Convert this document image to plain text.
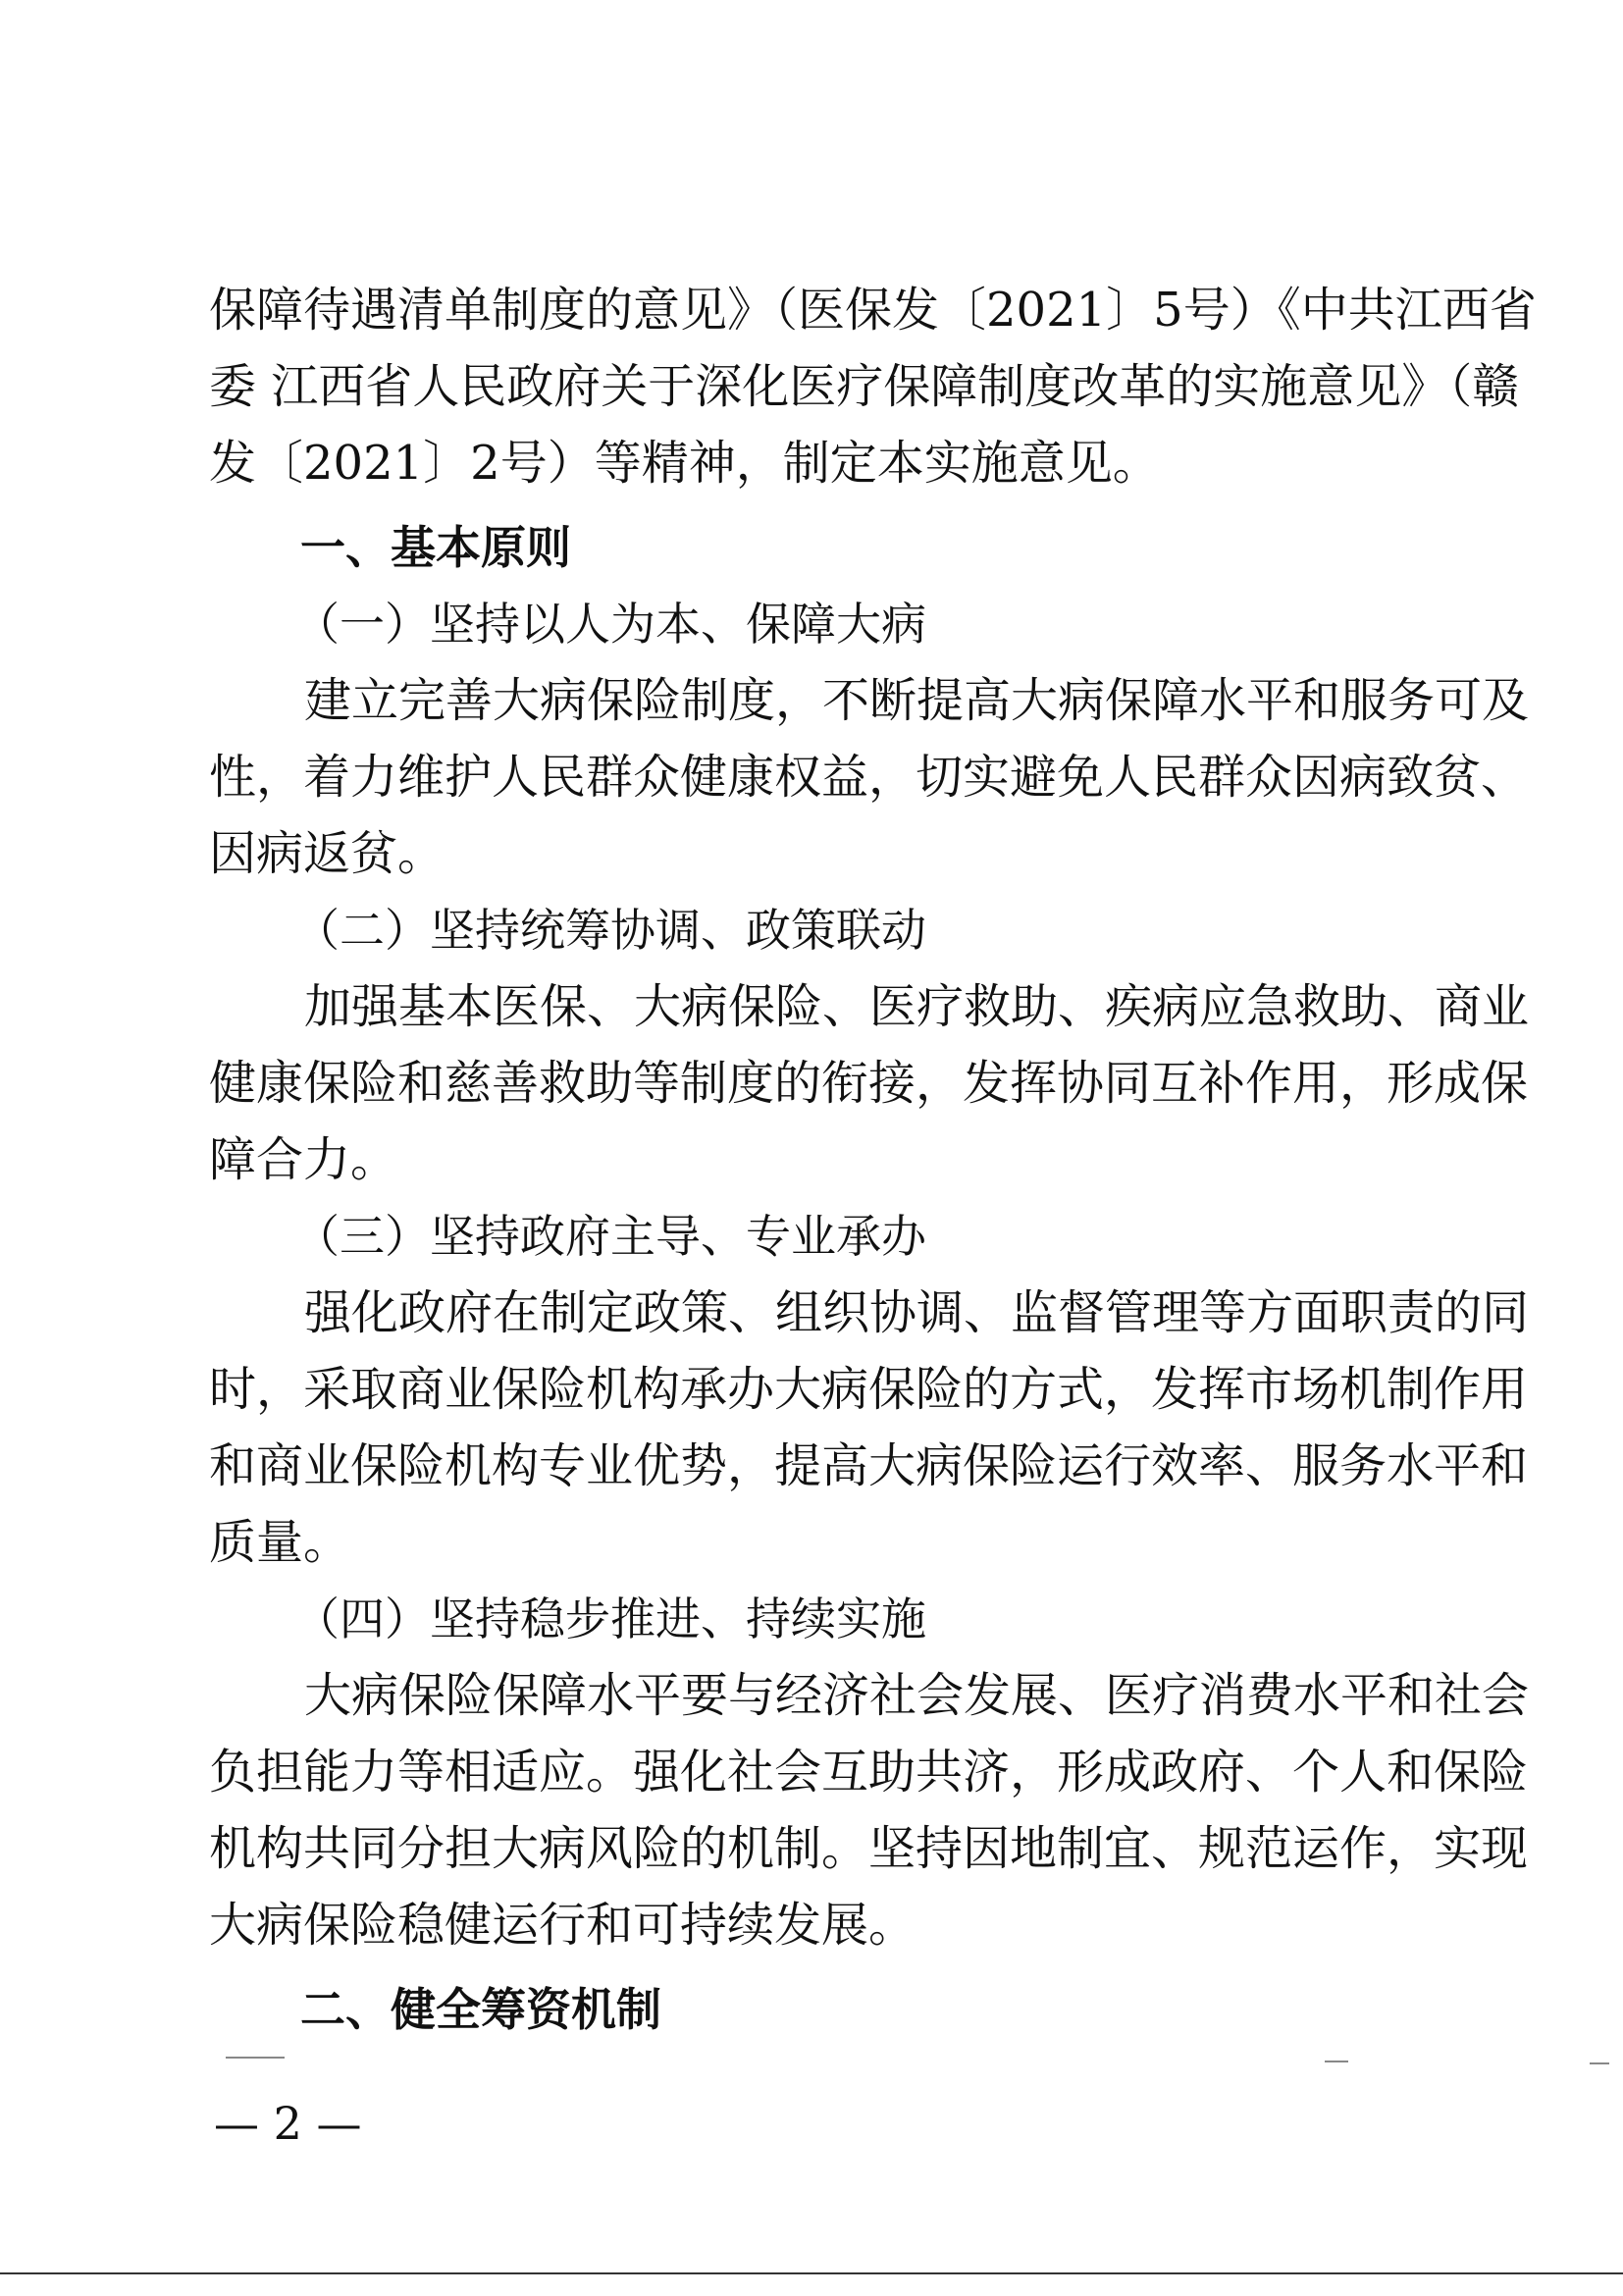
保障待遇清单制度的意见》（医保发〔2021〕5号）《中共江西省
委 江西省人民政府关于深化医疗保障制度改革的实施意见》（赣
发〔2021〕2号）等精神，制定本实施意见。
一、基本原则
（一）坚持以人为本、保障大病
建立完善大病保险制度，不断提高大病保障水平和服务可及
性，着力维护人民群众健康权益，切实避免人民群众因病致贫、
因病返贫。
（二）坚持统筹协调、政策联动
加强基本医保、大病保险、医疗救助、疾病应急救助、商业
健康保险和慈善救助等制度的衔接，发挥协同互补作用，形成保
障合力。
（三）坚持政府主导、专业承办
强化政府在制定政策、组织协调、监督管理等方面职责的同
时，采取商业保险机构承办大病保险的方式，发挥市场机制作用
和商业保险机构专业优势，提高大病保险运行效率、服务水平和
质量。
（四）坚持稳步推进、持续实施
大病保险保障水平要与经济社会发展、医疗消费水平和社会
负担能力等相适应。强化社会互助共济，形成政府、个人和保险
机构共同分担大病风险的机制。坚持因地制宜、规范运作，实现
大病保险稳健运行和可持续发展。
二、健全筹资机制
— 2 —
